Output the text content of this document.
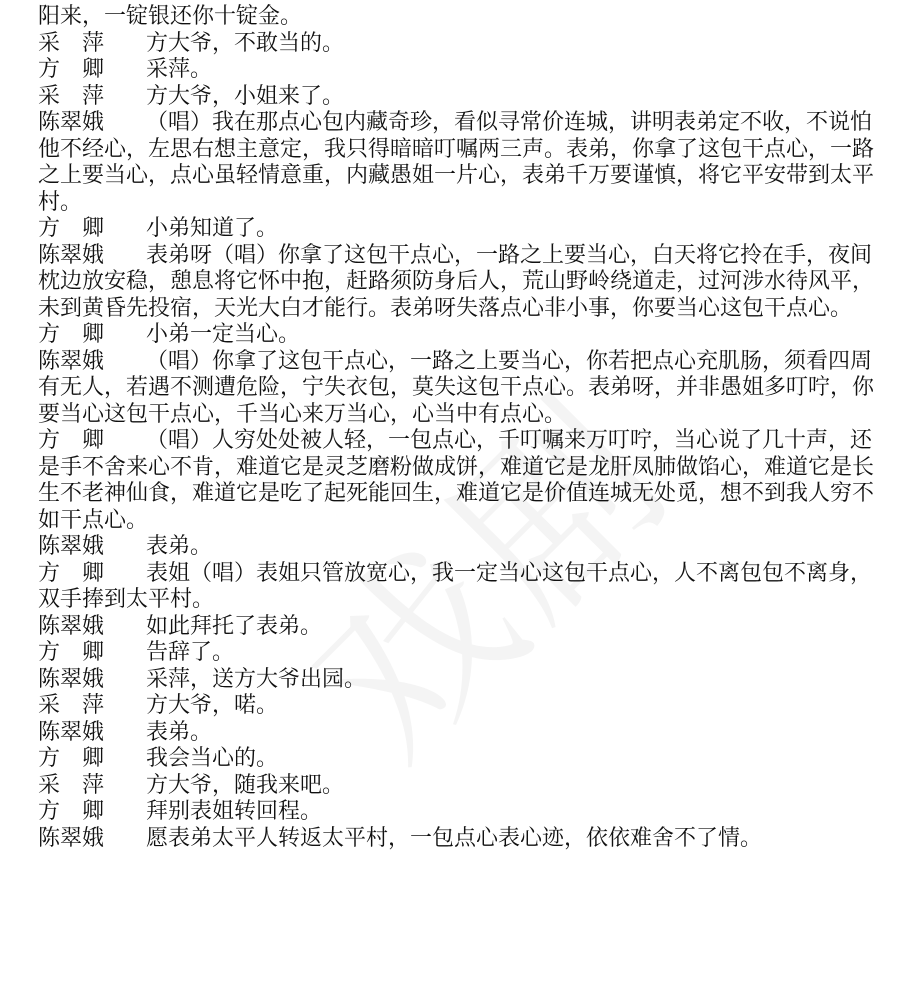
阳来，一锭银还你十锭金。
采　萍 方大爷，不敢当的。
方　卿 采萍。
采　萍 方大爷，小姐来了。
陈翠娥 （唱）我在那点心包内藏奇珍，看似寻常价连城，讲明表弟定不收，不说怕他不经心，左思右想主意定，我只得暗暗叮嘱两三声。表弟，你拿了这包干点心，一路之上要当心，点心虽轻情意重，内藏愚姐一片心，表弟千万要谨慎，将它平安带到太平村。
方　卿 小弟知道了。
陈翠娥 表弟呀（唱）你拿了这包干点心，一路之上要当心，白天将它拎在手，夜间枕边放安稳，憩息将它怀中抱，赶路须防身后人，荒山野岭绕道走，过河涉水待风平，未到黄昏先投宿，天光大白才能行。表弟呀失落点心非小事，你要当心这包干点心。
方　卿 小弟一定当心。
陈翠娥 （唱）你拿了这包干点心，一路之上要当心，你若把点心充肌肠，须看四周有无人，若遇不测遭危险，宁失衣包，莫失这包干点心。表弟呀，并非愚姐多叮咛，你要当心这包干点心，千当心来万当心，心当中有点心。
方　卿 （唱）人穷处处被人轻，一包点心，千叮嘱来万叮咛，当心说了几十声，还是手不舍来心不肯，难道它是灵芝磨粉做成饼，难道它是龙肝凤肺做馅心，难道它是长生不老神仙食，难道它是吃了起死能回生，难道它是价值连城无处觅，想不到我人穷不如干点心。
陈翠娥 表弟。
方　卿 表姐（唱）表姐只管放宽心，我一定当心这包干点心，人不离包包不离身，双手捧到太平村。
陈翠娥 如此拜托了表弟。
方　卿 告辞了。
陈翠娥 采萍，送方大爷出园。
采　萍 方大爷，喏。
陈翠娥 表弟。
方　卿 我会当心的。
采　萍 方大爷，随我来吧。
方　卿 拜别表姐转回程。
陈翠娥 愿表弟太平人转返太平村，一包点心表心迹，依依难舍不了情。
